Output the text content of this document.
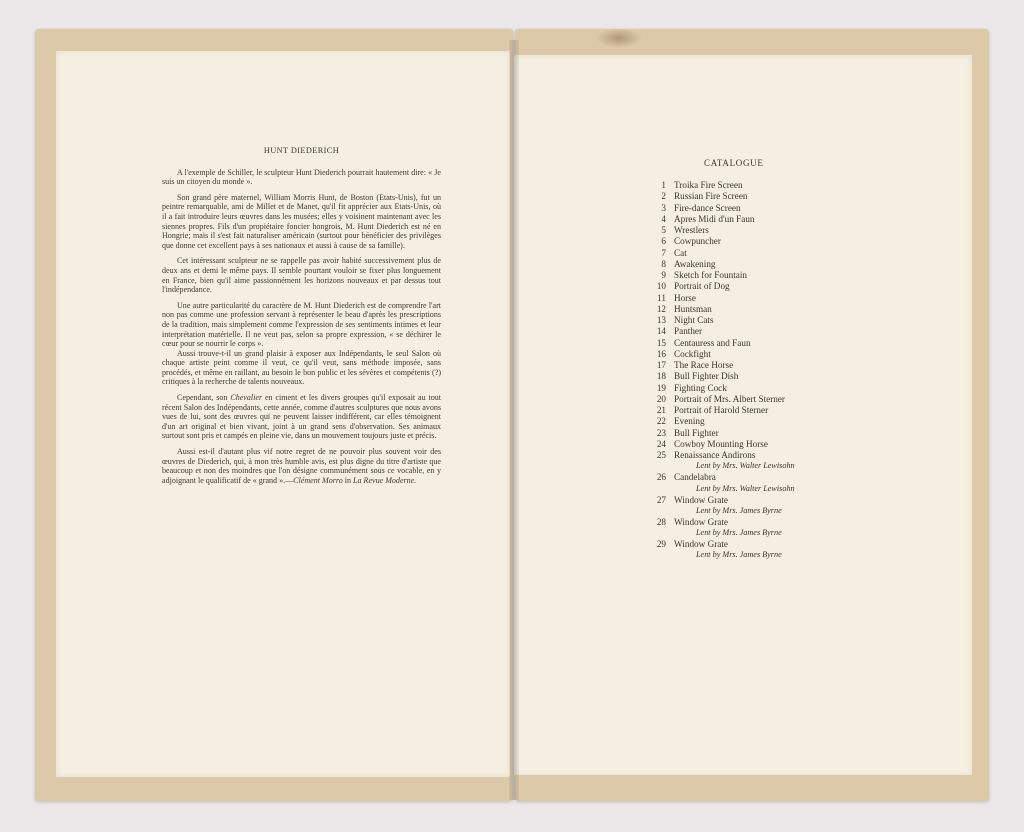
HUNT DIEDERICH

A l'exemple de Schiller, le sculpteur Hunt Diederich pourrait hautement dire: « Je suis un citoyen du monde ».

Son grand père maternel, William Morris Hunt, de Boston (Etats-Unis), fut un peintre remarquable, ami de Millet et de Manet, qu'il fit apprécier aux Etats-Unis, où il a fait introduire leurs œuvres dans les musées; elles y voisinent maintenant avec les siennes propres. Fils d'un propiétaire foncier hongrois, M. Hunt Diederich est né en Hongrie; mais il s'est fait naturaliser américain (surtout pour bénéficier des privilèges que donne cet excellent pays à ses nationaux et aussi à cause de sa famille).

Cet intéressant sculpteur ne se rappelle pas avoir habité successivement plus de deux ans et demi le même pays. Il semble pourtant vouloir se fixer plus longuement en France, bien qu'il aime passionnément les horizons nouveaux et par dessus tout l'indépendance.

Une autre particularité du caractère de M. Hunt Diederich est de comprendre l'art non pas comme une profession servant à représenter le beau d'après les prescriptions de la tradition, mais simplement comme l'expression de ses sentiments intimes et leur interprétation matérielle. Il ne veut pas, selon sa propre expression, « se déchirer le cœur pour se nourrir le corps ».

Aussi trouve-t-il un grand plaisir à exposer aux Indépendants, le seul Salon où chaque artiste peint comme il veut, ce qu'il veut, sans méthode imposée, sans procédés, et même en raillant, au besoin le bon public et les sévères et compétents (?) critiques à la recherche de talents nouveaux.

Cependant, son Chevalier en ciment et les divers groupes qu'il exposait au tout récent Salon des Indépendants, cette année, comme d'autres sculptures que nous avons vues de lui, sont des œuvres qui ne peuvent laisser indifférent, car elles témoignent d'un art original et bien vivant, joint à un grand sens d'observation. Ses animaux surtout sont pris et campés en pleine vie, dans un mouvement toujours juste et précis.

Aussi est-il d'autant plus vif notre regret de ne pouvoir plus souvent voir des œuvres de Diederich, qui, à mon très humble avis, est plus digne du titre d'artiste que beaucoup et non des moindres que l'on désigne communément sous ce vocable, en y adjoignant le qualificatif de « grand ».—Clément Morro in La Revue Moderne.

CATALOGUE
1 Troika Fire Screen
2 Russian Fire Screen
3 Fire-dance Screen
4 Apres Midi d'un Faun
5 Wrestlers
6 Cowpuncher
7 Cat
8 Awakening
9 Sketch for Fountain
10 Portrait of Dog
11 Horse
12 Huntsman
13 Night Cats
14 Panther
15 Centauress and Faun
16 Cockfight
17 The Race Horse
18 Bull Fighter Dish
19 Fighting Cock
20 Portrait of Mrs. Albert Sterner
21 Portrait of Harold Sterner
22 Evening
23 Bull Fighter
24 Cowboy Mounting Horse
25 Renaissance Andirons
Lent by Mrs. Walter Lewisohn
26 Candelabra
Lent by Mrs. Walter Lewisohn
27 Window Grate
Lent by Mrs. James Byrne
28 Window Grate
Lent by Mrs. James Byrne
29 Window Grate
Lent by Mrs. James Byrne
